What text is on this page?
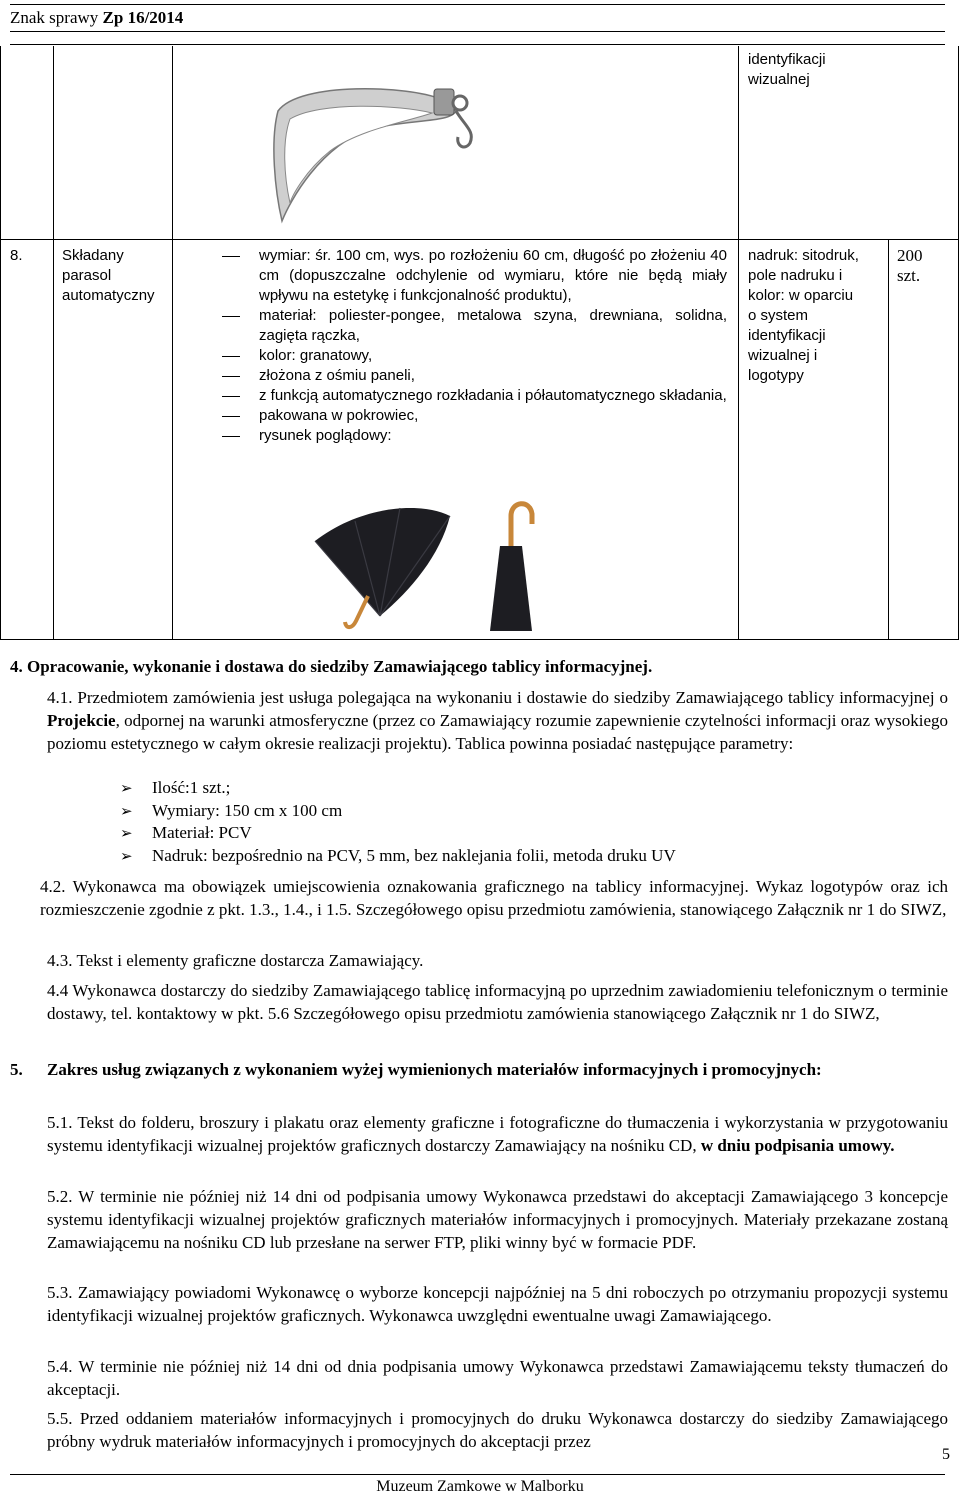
Znak sprawy Zp 16/2014
identyfikacji
wizualnej
8.	Składany
parasol
automatyczny
wymiar: śr. 100 cm, wys. po rozłożeniu 60 cm, długość po złożeniu 40 cm (dopuszczalne odchylenie od wymiaru, które nie będą miały wpływu na estetykę i funkcjonalność produktu),
materiał: poliester-pongee, metalowa szyna, drewniana, solidna, zagięta rączka,
kolor: granatowy,
złożona z ośmiu paneli,
z funkcją automatycznego rozkładania i półautomatycznego składania,
pakowana w pokrowiec,
rysunek poglądowy:
nadruk: sitodruk,
pole nadruku i
kolor: w oparciu
o system
identyfikacji
wizualnej i
logotypy
200
szt.
4. Opracowanie, wykonanie i dostawa do siedziby Zamawiającego tablicy informacyjnej.
4.1. Przedmiotem zamówienia jest usługa polegająca na wykonaniu i dostawie do siedziby Zamawiającego tablicy informacyjnej o Projekcie, odpornej na warunki atmosferyczne (przez co Zamawiający rozumie zapewnienie czytelności informacji oraz wysokiego poziomu estetycznego w całym okresie realizacji projektu). Tablica powinna posiadać następujące parametry:
➢ Ilość:1 szt.;
➢ Wymiary: 150 cm x 100 cm
➢ Materiał: PCV
➢ Nadruk: bezpośrednio na PCV, 5 mm, bez naklejania folii, metoda druku UV
4.2. Wykonawca ma obowiązek umiejscowienia oznakowania graficznego na tablicy informacyjnej. Wykaz logotypów oraz ich rozmieszczenie zgodnie z pkt. 1.3., 1.4., i 1.5. Szczegółowego opisu przedmiotu zamówienia, stanowiącego Załącznik nr 1 do SIWZ,
4.3. Tekst i elementy graficzne dostarcza Zamawiający.
4.4 Wykonawca dostarczy do siedziby Zamawiającego tablicę informacyjną po uprzednim zawiadomieniu telefonicznym o terminie dostawy, tel. kontaktowy w pkt. 5.6 Szczegółowego opisu przedmiotu zamówienia stanowiącego Załącznik nr 1 do SIWZ,
5. Zakres usług związanych z wykonaniem wyżej wymienionych materiałów informacyjnych i promocyjnych:
5.1. Tekst do folderu, broszury i plakatu oraz elementy graficzne i fotograficzne do tłumaczenia i wykorzystania w przygotowaniu systemu identyfikacji wizualnej projektów graficznych dostarczy Zamawiający na nośniku CD, w dniu podpisania umowy.
5.2. W terminie nie później niż 14 dni od podpisania umowy Wykonawca przedstawi do akceptacji Zamawiającego 3 koncepcje systemu identyfikacji wizualnej projektów graficznych materiałów informacyjnych i promocyjnych. Materiały przekazane zostaną Zamawiającemu na nośniku CD lub przesłane na serwer FTP, pliki winny być w formacie PDF.
5.3. Zamawiający powiadomi Wykonawcę o wyborze koncepcji najpóźniej na 5 dni roboczych po otrzymaniu propozycji systemu identyfikacji wizualnej projektów graficznych. Wykonawca uwzględni ewentualne uwagi Zamawiającego.
5.4. W terminie nie później niż 14 dni od dnia podpisania umowy Wykonawca przedstawi Zamawiającemu teksty tłumaczeń do akceptacji.
5.5. Przed oddaniem materiałów informacyjnych i promocyjnych do druku Wykonawca dostarczy do siedziby Zamawiającego próbny wydruk materiałów informacyjnych i promocyjnych do akceptacji przez
5
Muzeum Zamkowe w Malborku
